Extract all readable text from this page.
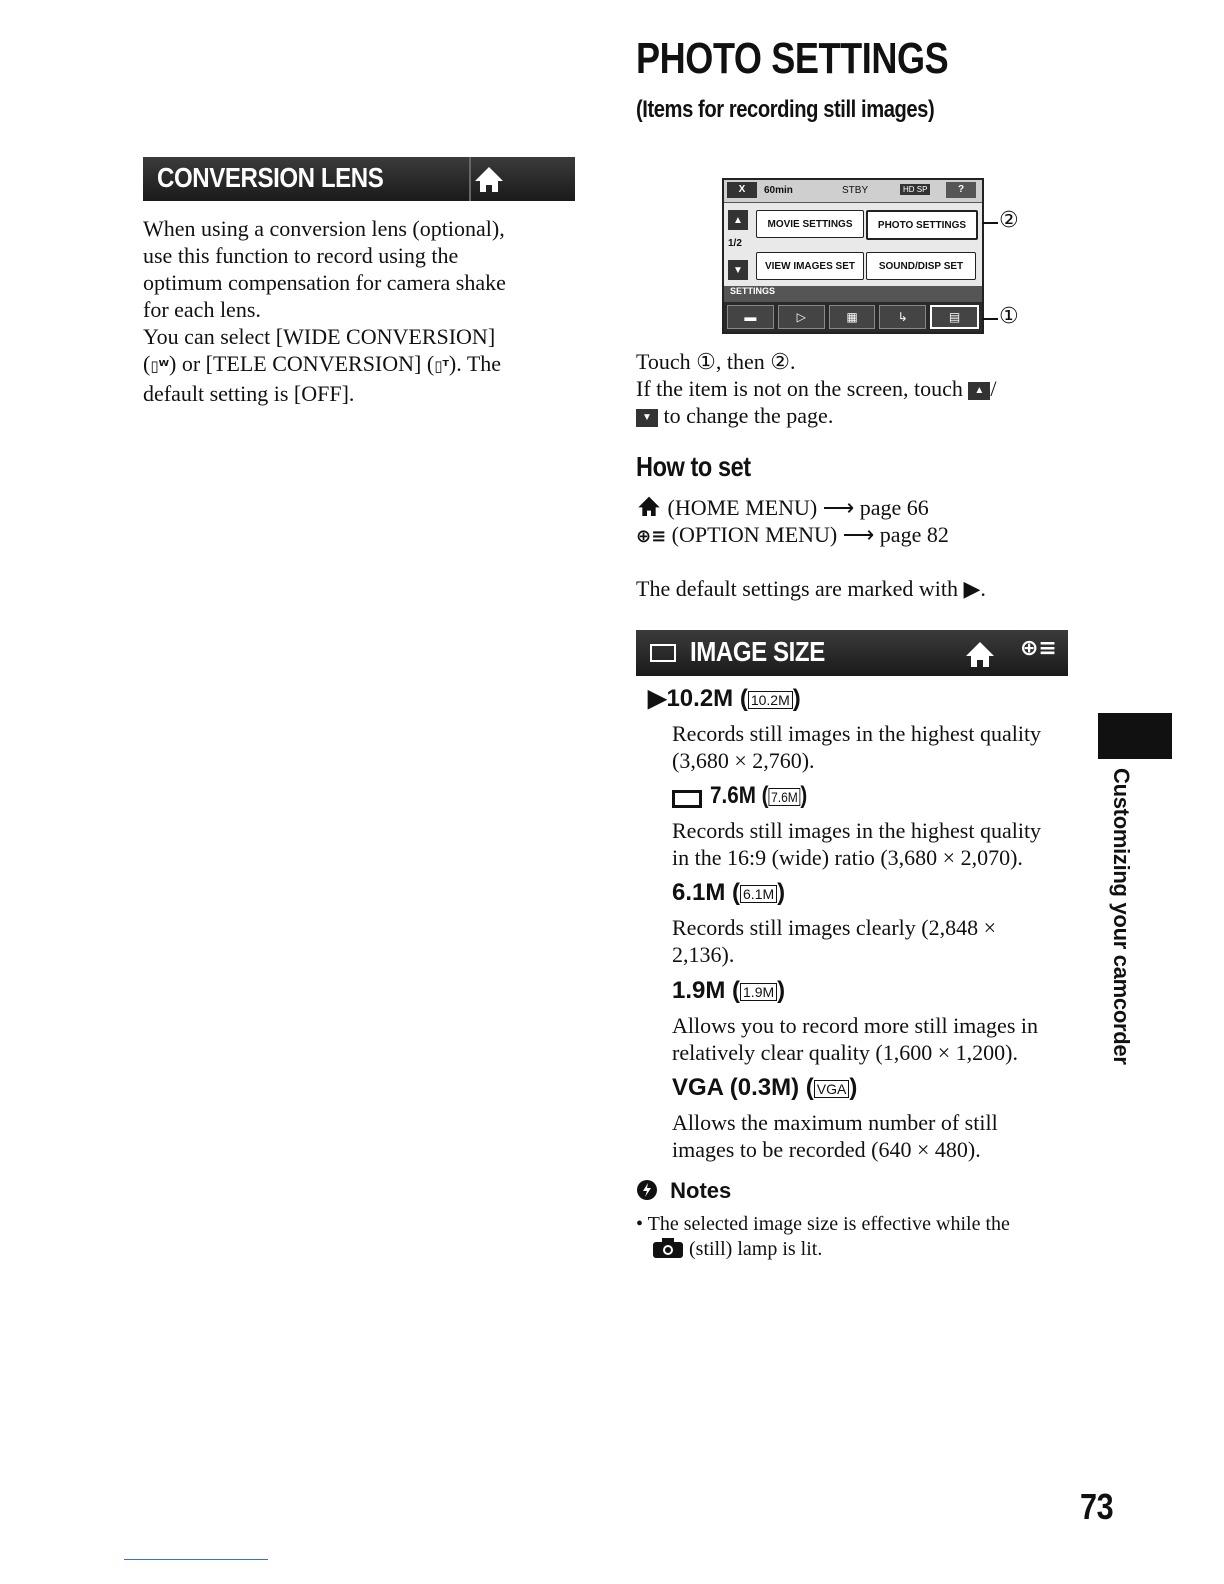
PHOTO SETTINGS
(Items for recording still images)
CONVERSION LENS
When using a conversion lens (optional),
use this function to record using the
optimum compensation for camera shake
for each lens.
You can select [WIDE CONVERSION]
(▯ᵂ) or [TELE CONVERSION] (▯ᵀ). The
default setting is [OFF].
X	60min	STBY	HD SP	?
▲
1/2
▼
MOVIE SETTINGS	PHOTO SETTINGS
VIEW IMAGES SET	SOUND/DISP SET
SETTINGS
▬	▷	▦	↳	▤
②
①
Touch ①, then ②.
If the item is not on the screen, touch ▲ /
▼ to change the page.
How to set
(HOME MENU) ⟶ page 66
⊕≡ (OPTION MENU) ⟶ page 82
The default settings are marked with ▶.
IMAGE SIZE	⊕≡
▶10.2M ( 10.2M )
Records still images in the highest quality
(3,680 × 2,760).
7.6M ( 7.6M )
Records still images in the highest quality
in the 16:9 (wide) ratio (3,680 × 2,070).
6.1M ( 6.1M )
Records still images clearly (2,848 ×
2,136).
1.9M ( 1.9M )
Allows you to record more still images in
relatively clear quality (1,600 × 1,200).
VGA (0.3M) ( VGA )
Allows the maximum number of still
images to be recorded (640 × 480).
Notes
• The selected image size is effective while the
(still) lamp is lit.
Customizing your camcorder
73
